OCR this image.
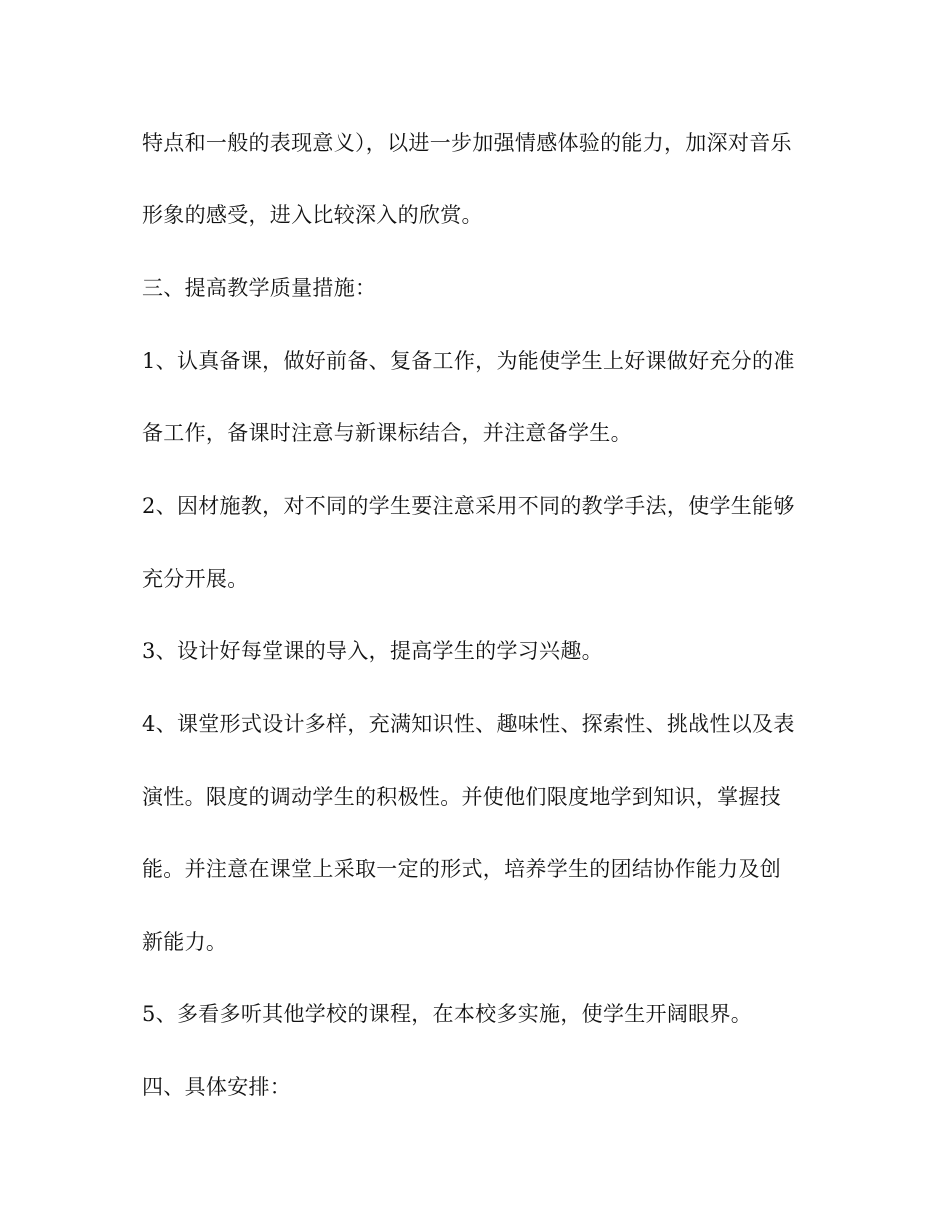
特点和一般的表现意义），以进一步加强情感体验的能力，加深对音乐
形象的感受，进入比较深入的欣赏。
三、提高教学质量措施：
1、认真备课，做好前备、复备工作，为能使学生上好课做好充分的准
备工作，备课时注意与新课标结合，并注意备学生。
2、因材施教，对不同的学生要注意采用不同的教学手法，使学生能够
充分开展。
3、设计好每堂课的导入，提高学生的学习兴趣。
4、课堂形式设计多样，充满知识性、趣味性、探索性、挑战性以及表
演性。限度的调动学生的积极性。并使他们限度地学到知识，掌握技
能。并注意在课堂上采取一定的形式，培养学生的团结协作能力及创
新能力。
5、多看多听其他学校的课程，在本校多实施，使学生开阔眼界。
四、具体安排：
